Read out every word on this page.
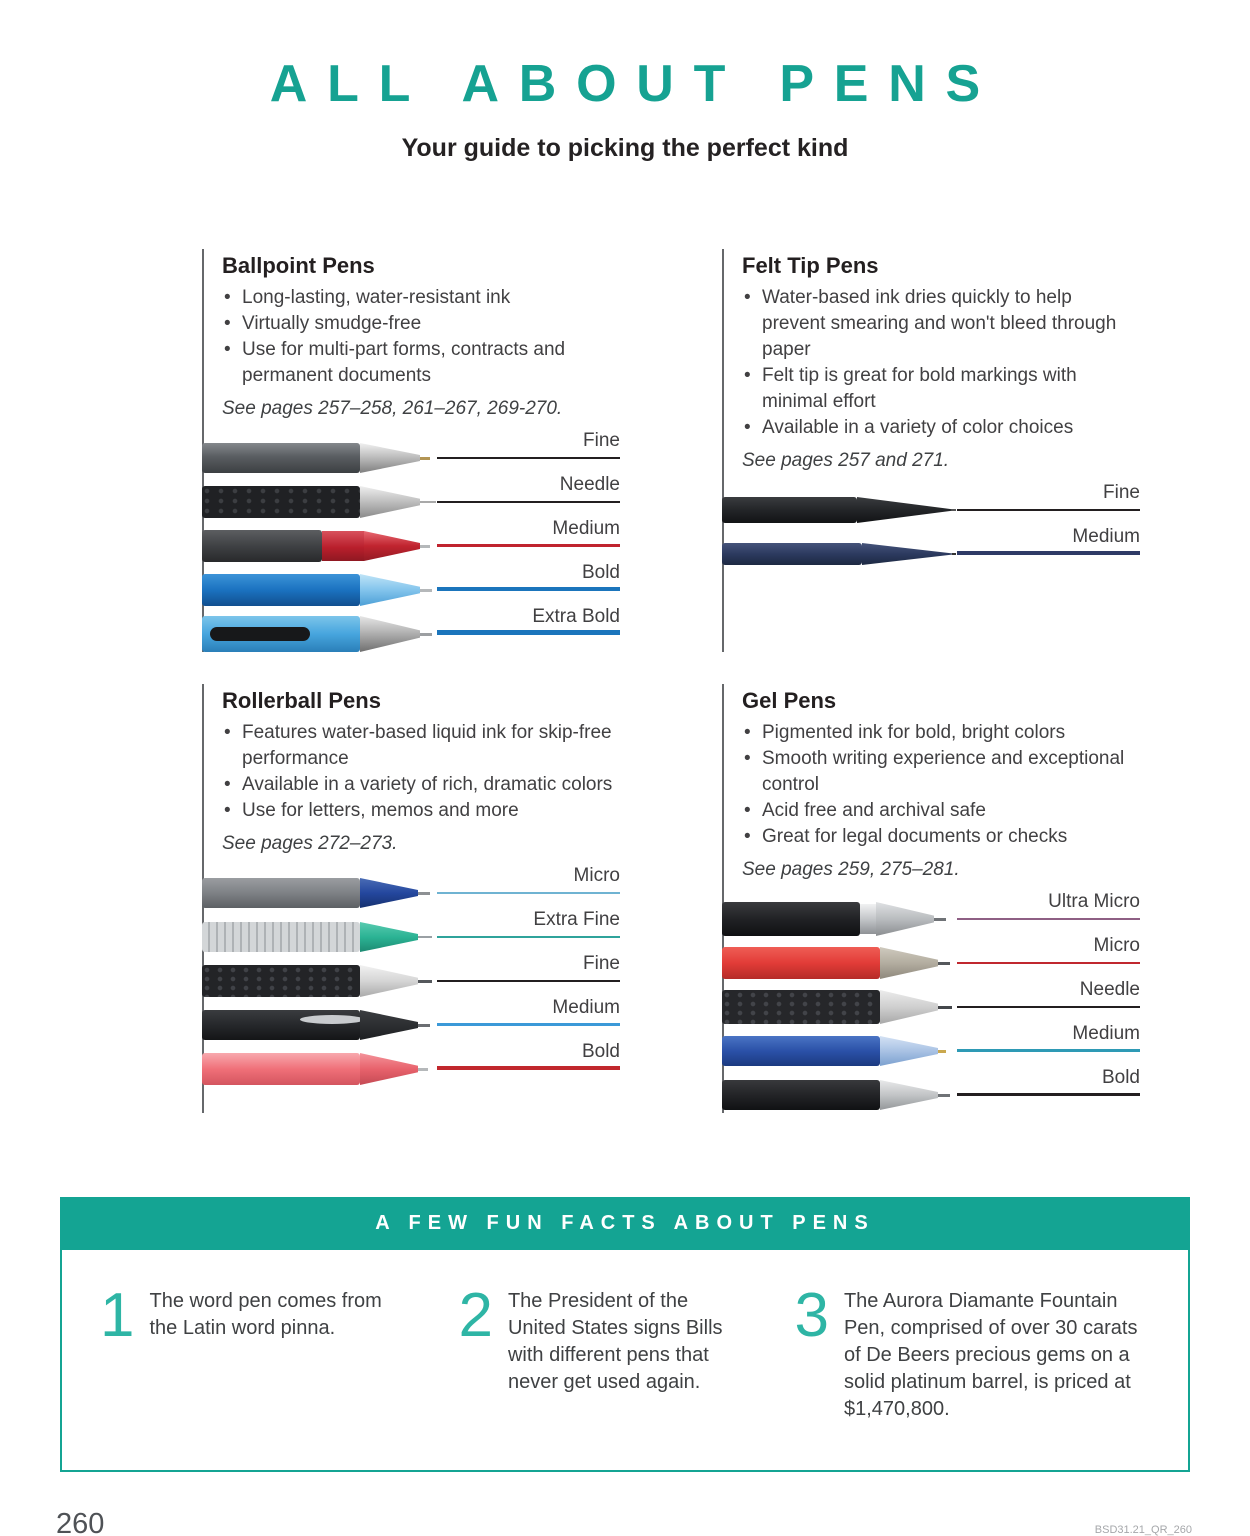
ALL ABOUT PENS
Your guide to picking the perfect kind
Ballpoint Pens
• Long-lasting, water-resistant ink
• Virtually smudge-free
• Use for multi-part forms, contracts and permanent documents
See pages 257–258, 261–267, 269-270.
Fine
Needle
Medium
Bold
Extra Bold
Felt Tip Pens
• Water-based ink dries quickly to help prevent smearing and won't bleed through paper
• Felt tip is great for bold markings with minimal effort
• Available in a variety of color choices
See pages 257 and 271.
Fine
Medium
Rollerball Pens
• Features water-based liquid ink for skip-free performance
• Available in a variety of rich, dramatic colors
• Use for letters, memos and more
See pages 272–273.
Micro
Extra Fine
Fine
Medium
Bold
Gel Pens
• Pigmented ink for bold, bright colors
• Smooth writing experience and exceptional control
• Acid free and archival safe
• Great for legal documents or checks
See pages 259, 275–281.
Ultra Micro
Micro
Needle
Medium
Bold
A FEW FUN FACTS ABOUT PENS
1 The word pen comes from the Latin word pinna.	2 The President of the United States signs Bills with different pens that never get used again.
3 The Aurora Diamante Fountain Pen, comprised of over 30 carats of De Beers precious gems on a solid platinum barrel, is priced at $1,470,800.
260	BSD31.21_QR_260
